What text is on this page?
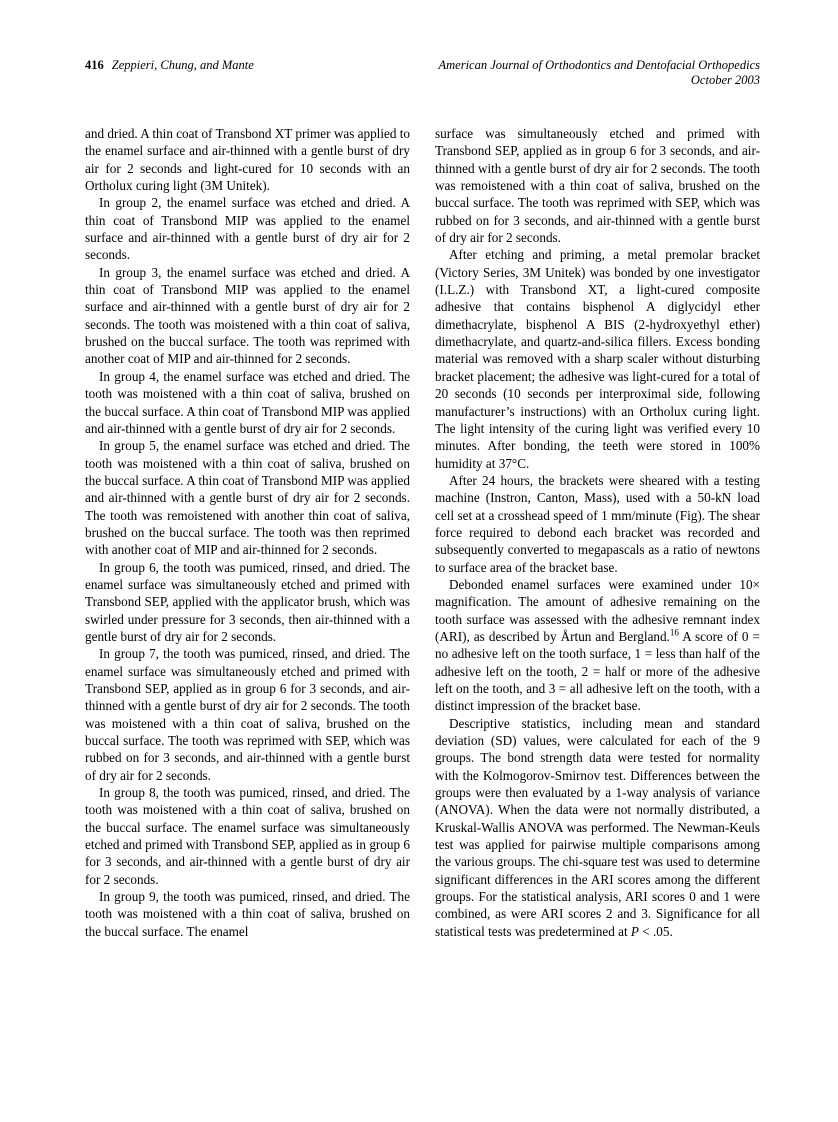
416 Zeppieri, Chung, and Mante	American Journal of Orthodontics and Dentofacial Orthopedics
October 2003

and dried. A thin coat of Transbond XT primer was applied to the enamel surface and air-thinned with a gentle burst of dry air for 2 seconds and light-cured for 10 seconds with an Ortholux curing light (3M Unitek).

In group 2, the enamel surface was etched and dried. A thin coat of Transbond MIP was applied to the enamel surface and air-thinned with a gentle burst of dry air for 2 seconds.

In group 3, the enamel surface was etched and dried. A thin coat of Transbond MIP was applied to the enamel surface and air-thinned with a gentle burst of dry air for 2 seconds. The tooth was moistened with a thin coat of saliva, brushed on the buccal surface. The tooth was reprimed with another coat of MIP and air-thinned for 2 seconds.

In group 4, the enamel surface was etched and dried. The tooth was moistened with a thin coat of saliva, brushed on the buccal surface. A thin coat of Transbond MIP was applied and air-thinned with a gentle burst of dry air for 2 seconds.

In group 5, the enamel surface was etched and dried. The tooth was moistened with a thin coat of saliva, brushed on the buccal surface. A thin coat of Transbond MIP was applied and air-thinned with a gentle burst of dry air for 2 seconds. The tooth was remoistened with another thin coat of saliva, brushed on the buccal surface. The tooth was then reprimed with another coat of MIP and air-thinned for 2 seconds.

In group 6, the tooth was pumiced, rinsed, and dried. The enamel surface was simultaneously etched and primed with Transbond SEP, applied with the applicator brush, which was swirled under pressure for 3 seconds, then air-thinned with a gentle burst of dry air for 2 seconds.

In group 7, the tooth was pumiced, rinsed, and dried. The enamel surface was simultaneously etched and primed with Transbond SEP, applied as in group 6 for 3 seconds, and air-thinned with a gentle burst of dry air for 2 seconds. The tooth was moistened with a thin coat of saliva, brushed on the buccal surface. The tooth was reprimed with SEP, which was rubbed on for 3 seconds, and air-thinned with a gentle burst of dry air for 2 seconds.

In group 8, the tooth was pumiced, rinsed, and dried. The tooth was moistened with a thin coat of saliva, brushed on the buccal surface. The enamel surface was simultaneously etched and primed with Transbond SEP, applied as in group 6 for 3 seconds, and air-thinned with a gentle burst of dry air for 2 seconds.

In group 9, the tooth was pumiced, rinsed, and dried. The tooth was moistened with a thin coat of saliva, brushed on the buccal surface. The enamel

surface was simultaneously etched and primed with Transbond SEP, applied as in group 6 for 3 seconds, and air-thinned with a gentle burst of dry air for 2 seconds. The tooth was remoistened with a thin coat of saliva, brushed on the buccal surface. The tooth was reprimed with SEP, which was rubbed on for 3 seconds, and air-thinned with a gentle burst of dry air for 2 seconds.

After etching and priming, a metal premolar bracket (Victory Series, 3M Unitek) was bonded by one investigator (I.L.Z.) with Transbond XT, a light-cured composite adhesive that contains bisphenol A diglycidyl ether dimethacrylate, bisphenol A BIS (2-hydroxyethyl ether) dimethacrylate, and quartz-and-silica fillers. Excess bonding material was removed with a sharp scaler without disturbing bracket placement; the adhesive was light-cured for a total of 20 seconds (10 seconds per interproximal side, following manufacturer’s instructions) with an Ortholux curing light. The light intensity of the curing light was verified every 10 minutes. After bonding, the teeth were stored in 100% humidity at 37°C.

After 24 hours, the brackets were sheared with a testing machine (Instron, Canton, Mass), used with a 50-kN load cell set at a crosshead speed of 1 mm/minute (Fig). The shear force required to debond each bracket was recorded and subsequently converted to megapascals as a ratio of newtons to surface area of the bracket base.

Debonded enamel surfaces were examined under 10× magnification. The amount of adhesive remaining on the tooth surface was assessed with the adhesive remnant index (ARI), as described by Årtun and Bergland.$^{16}$ A score of 0 = no adhesive left on the tooth surface, 1 = less than half of the adhesive left on the tooth, 2 = half or more of the adhesive left on the tooth, and 3 = all adhesive left on the tooth, with a distinct impression of the bracket base.

Descriptive statistics, including mean and standard deviation (SD) values, were calculated for each of the 9 groups. The bond strength data were tested for normality with the Kolmogorov-Smirnov test. Differences between the groups were then evaluated by a 1-way analysis of variance (ANOVA). When the data were not normally distributed, a Kruskal-Wallis ANOVA was performed. The Newman-Keuls test was applied for pairwise multiple comparisons among the various groups. The chi-square test was used to determine significant differences in the ARI scores among the different groups. For the statistical analysis, ARI scores 0 and 1 were combined, as were ARI scores 2 and 3. Significance for all statistical tests was predetermined at P < .05.
